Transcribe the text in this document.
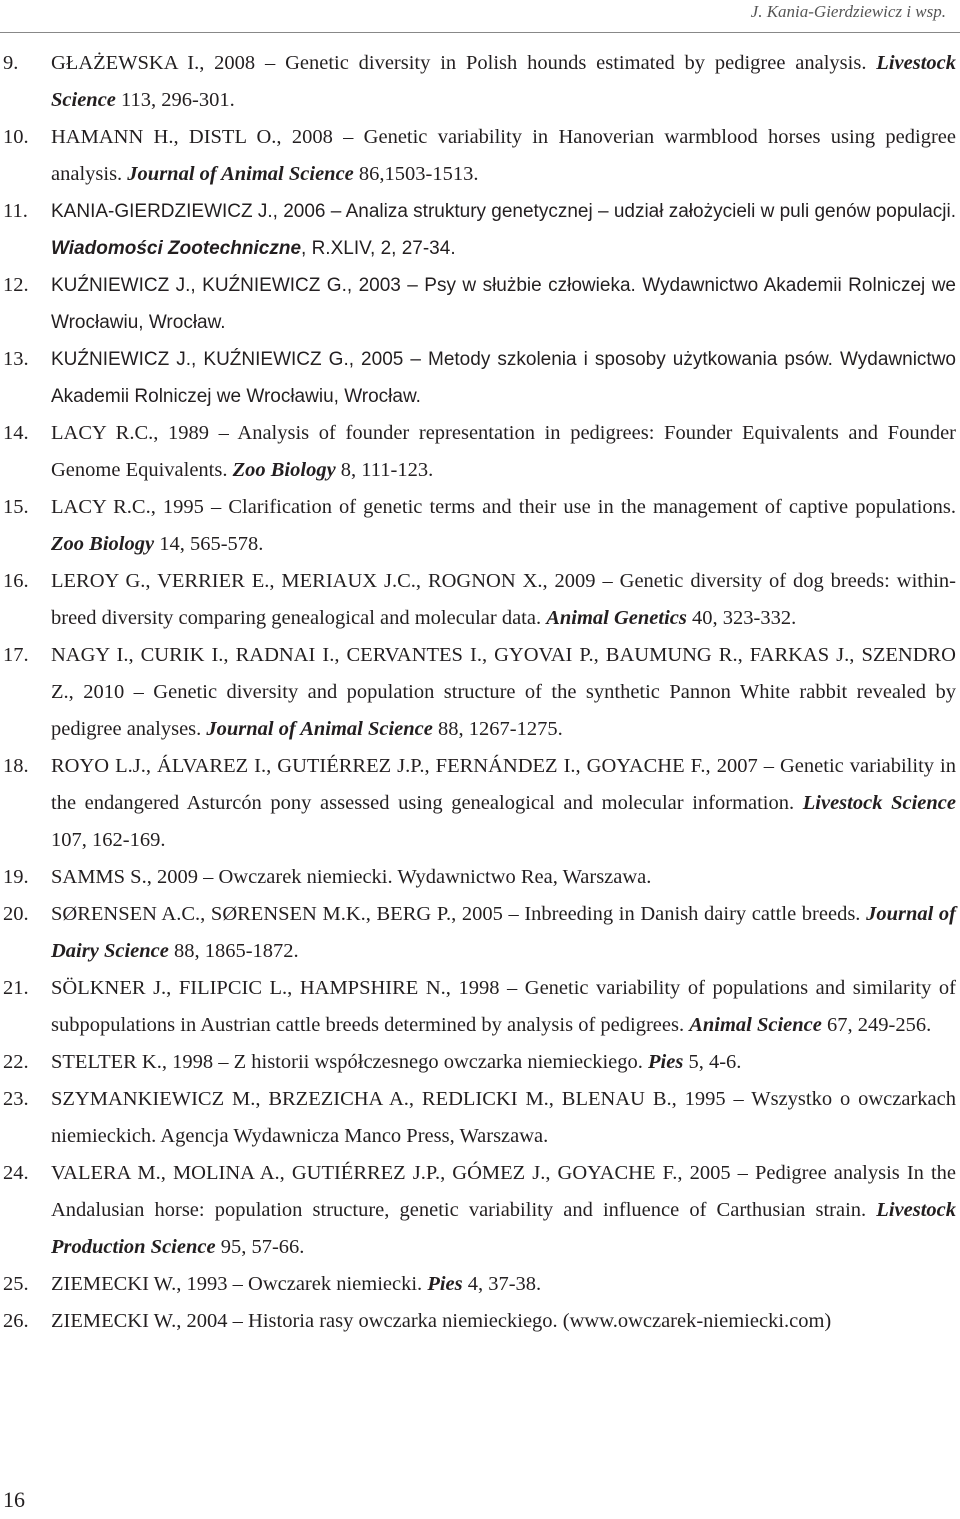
J. Kania-Gierdziewicz i wsp.
9. GŁAŻEWSKA I., 2008 – Genetic diversity in Polish hounds estimated by pedigree analysis. Livestock Science 113, 296-301.
10. HAMANN H., DISTL O., 2008 – Genetic variability in Hanoverian warmblood horses using pedigree analysis. Journal of Animal Science 86,1503-1513.
11. KANIA-GIERDZIEWICZ J., 2006 – Analiza struktury genetycznej – udział założycieli w puli genów populacji. Wiadomości Zootechniczne, R.XLIV, 2, 27-34.
12. KUŹNIEWICZ J., KUŹNIEWICZ G., 2003 – Psy w służbie człowieka. Wydawnictwo Akademii Rolniczej we Wrocławiu, Wrocław.
13. KUŹNIEWICZ J., KUŹNIEWICZ G., 2005 – Metody szkolenia i sposoby użytkowania psów. Wydawnictwo Akademii Rolniczej we Wrocławiu, Wrocław.
14. LACY R.C., 1989 – Analysis of founder representation in pedigrees: Founder Equivalents and Founder Genome Equivalents. Zoo Biology 8, 111-123.
15. LACY R.C., 1995 – Clarification of genetic terms and their use in the management of captive populations. Zoo Biology 14, 565-578.
16. LEROY G., VERRIER E., MERIAUX J.C., ROGNON X., 2009 – Genetic diversity of dog breeds: within-breed diversity comparing genealogical and molecular data. Animal Genetics 40, 323-332.
17. NAGY I., CURIK I., RADNAI I., CERVANTES I., GYOVAI P., BAUMUNG R., FARKAS J., SZENDRO Z., 2010 – Genetic diversity and population structure of the synthetic Pannon White rabbit revealed by pedigree analyses. Journal of Animal Science 88, 1267-1275.
18. ROYO L.J., ÁLVAREZ I., GUTIÉRREZ J.P., FERNÁNDEZ I., GOYACHE F., 2007 – Genetic variability in the endangered Asturcón pony assessed using genealogical and molecular information. Livestock Science 107, 162-169.
19. SAMMS S., 2009 – Owczarek niemiecki. Wydawnictwo Rea, Warszawa.
20. SØRENSEN A.C., SØRENSEN M.K., BERG P., 2005 – Inbreeding in Danish dairy cattle breeds. Journal of Dairy Science 88, 1865-1872.
21. SÖLKNER J., FILIPCIC L., HAMPSHIRE N., 1998 – Genetic variability of populations and similarity of subpopulations in Austrian cattle breeds determined by analysis of pedigrees. Animal Science 67, 249-256.
22. STELTER K., 1998 – Z historii współczesnego owczarka niemieckiego. Pies 5, 4-6.
23. SZYMANKIEWICZ M., BRZEZICHA A., REDLICKI M., BLENAU B., 1995 – Wszystko o owczarkach niemieckich. Agencja Wydawnicza Manco Press, Warszawa.
24. VALERA M., MOLINA A., GUTIÉRREZ J.P., GÓMEZ J., GOYACHE F., 2005 – Pedigree analysis In the Andalusian horse: population structure, genetic variability and influence of Carthusian strain. Livestock Production Science 95, 57-66.
25. ZIEMECKI W., 1993 – Owczarek niemiecki. Pies 4, 37-38.
26. ZIEMECKI W., 2004 – Historia rasy owczarka niemieckiego. (www.owczarek-niemiecki.com)
16
